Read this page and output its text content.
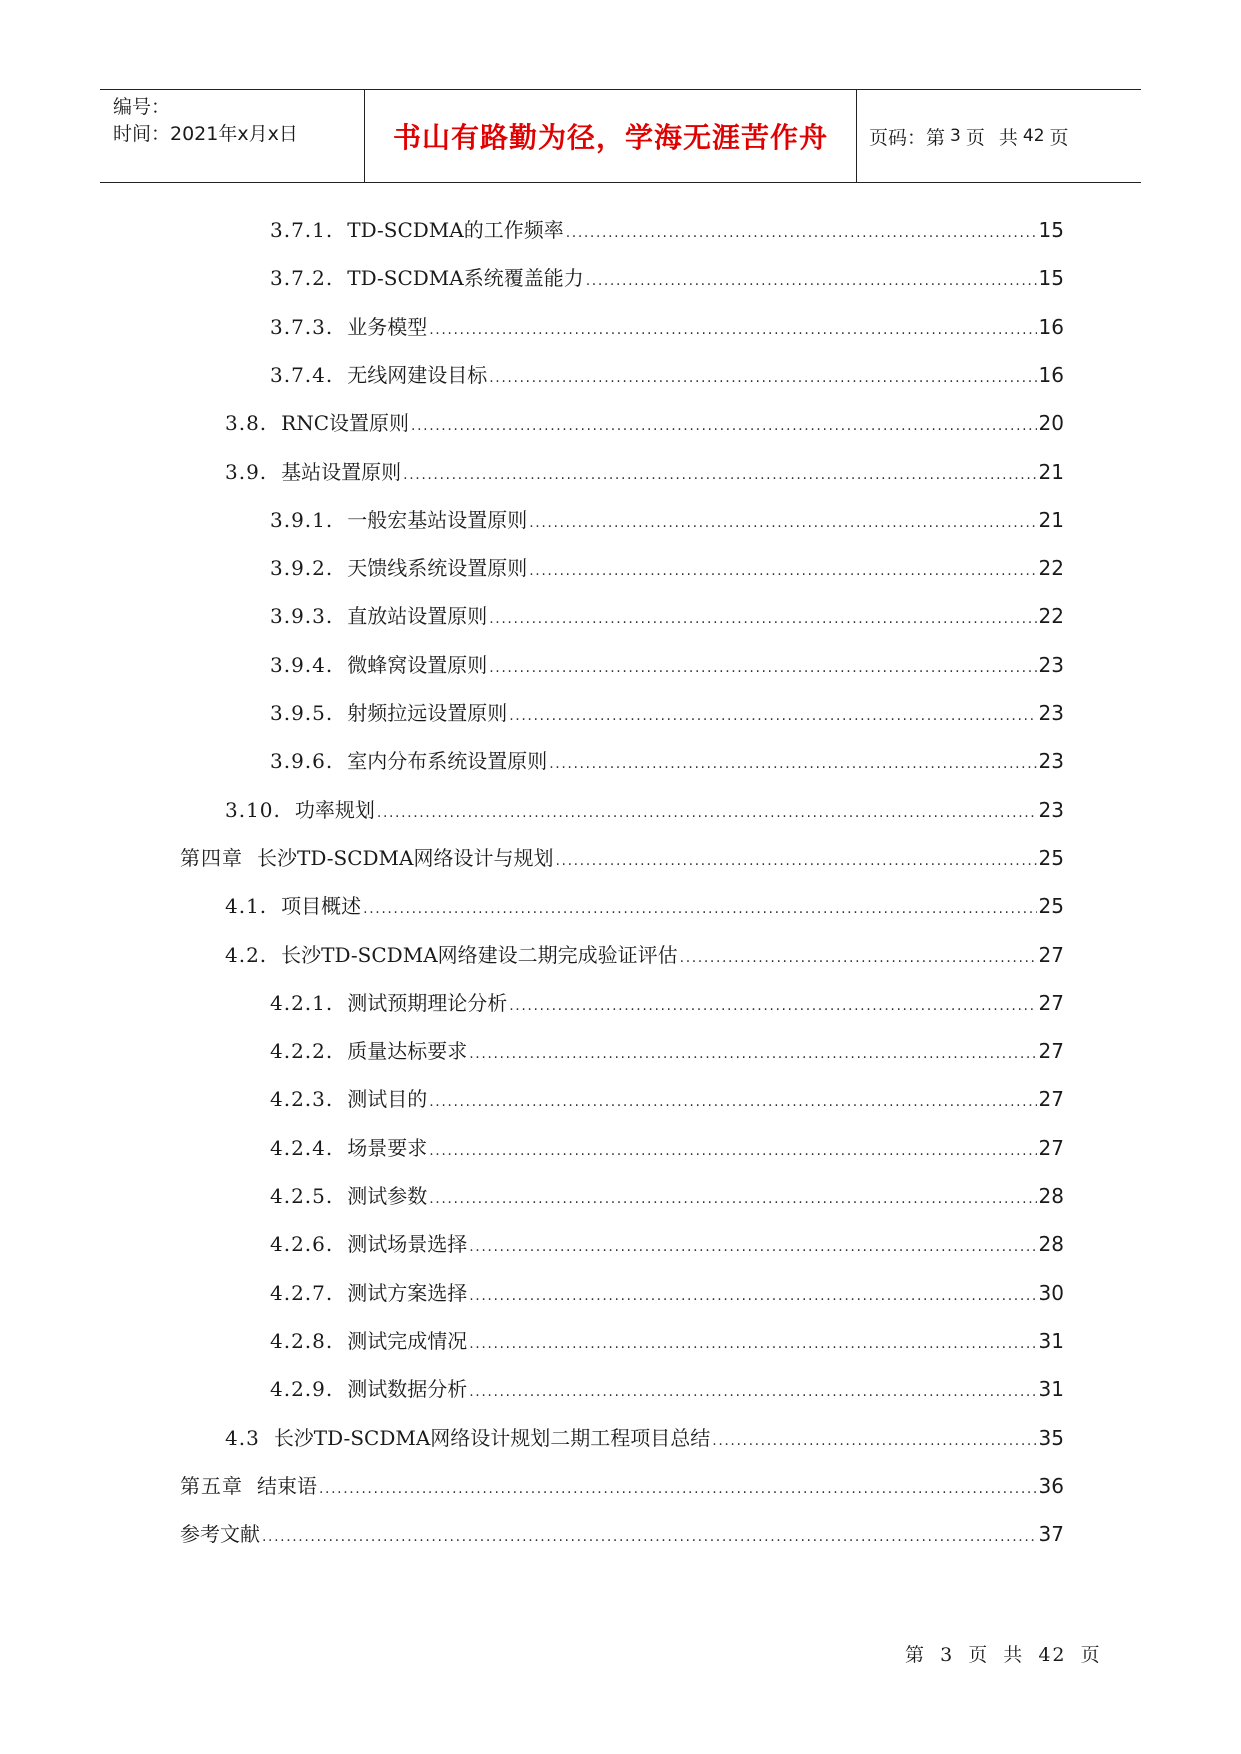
编号：
时间：2021年x月x日	书山有路勤为径，学海无涯苦作舟	页码：第 3 页 共 42 页
3.7.1. TD-SCDMA的工作频率 .....	15
3.7.2. TD-SCDMA系统覆盖能力 .....	15
3.7.3. 业务模型 .....	16
3.7.4. 无线网建设目标 .....	16
3.8. RNC设置原则 .....	20
3.9. 基站设置原则 .....	21
3.9.1. 一般宏基站设置原则 .....	21
3.9.2. 天馈线系统设置原则 .....	22
3.9.3. 直放站设置原则 .....	22
3.9.4. 微蜂窝设置原则 .....	23
3.9.5. 射频拉远设置原则 .....	23
3.9.6. 室内分布系统设置原则 .....	23
3.10. 功率规划 .....	23
第四章 长沙TD-SCDMA网络设计与规划 .....	25
4.1. 项目概述 .....	25
4.2. 长沙TD-SCDMA网络建设二期完成验证评估 .....	27
4.2.1. 测试预期理论分析 .....	27
4.2.2. 质量达标要求 .....	27
4.2.3. 测试目的 .....	27
4.2.4. 场景要求 .....	27
4.2.5. 测试参数 .....	28
4.2.6. 测试场景选择 .....	28
4.2.7. 测试方案选择 .....	30
4.2.8. 测试完成情况 .....	31
4.2.9. 测试数据分析 .....	31
4.3 长沙TD-SCDMA网络设计规划二期工程项目总结 .....	35
第五章 结束语 .....	36
参考文献 .....	37
第 3 页 共 42 页
